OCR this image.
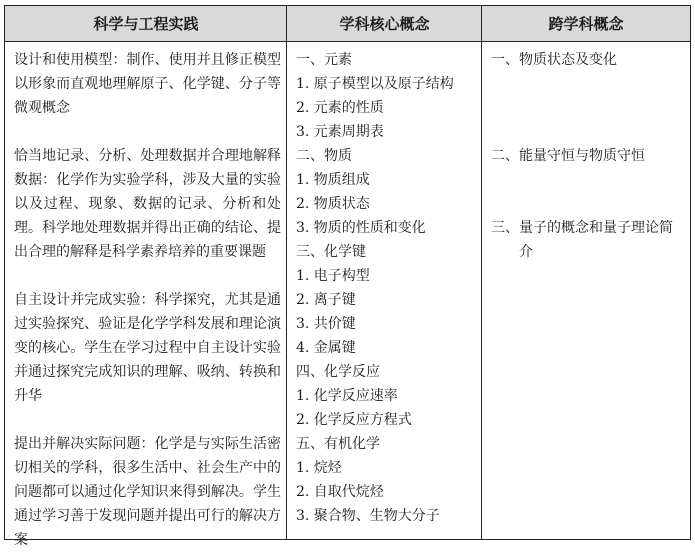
科学与工程实践	学科核心概念	跨学科概念

设计和使用模型：制作、使用并且修正模型以形象而直观地理解原子、化学键、分子等微观概念

恰当地记录、分析、处理数据并合理地解释数据：化学作为实验学科，涉及大量的实验以及过程、现象、数据的记录、分析和处理。科学地处理数据并得出正确的结论、提出合理的解释是科学素养培养的重要课题

自主设计并完成实验：科学探究，尤其是通过实验探究、验证是化学学科发展和理论演变的核心。学生在学习过程中自主设计实验并通过探究完成知识的理解、吸纳、转换和升华

提出并解决实际问题：化学是与实际生活密切相关的学科，很多生活中、社会生产中的问题都可以通过化学知识来得到解决。学生通过学习善于发现问题并提出可行的解决方案

一、元素

1. 原子模型以及原子结构

2. 元素的性质

3. 元素周期表

二、物质

1. 物质组成

2. 物质状态

3. 物质的性质和变化

三、化学键

1. 电子构型

2. 离子键

3. 共价键

4. 金属键

四、化学反应

1. 化学反应速率

2. 化学反应方程式

五、有机化学

1. 烷烃

2. 自取代烷烃

3. 聚合物、生物大分子

一、 物质状态及变化
二、 能量守恒与物质守恒
三、 量子的概念和量子理论简介
